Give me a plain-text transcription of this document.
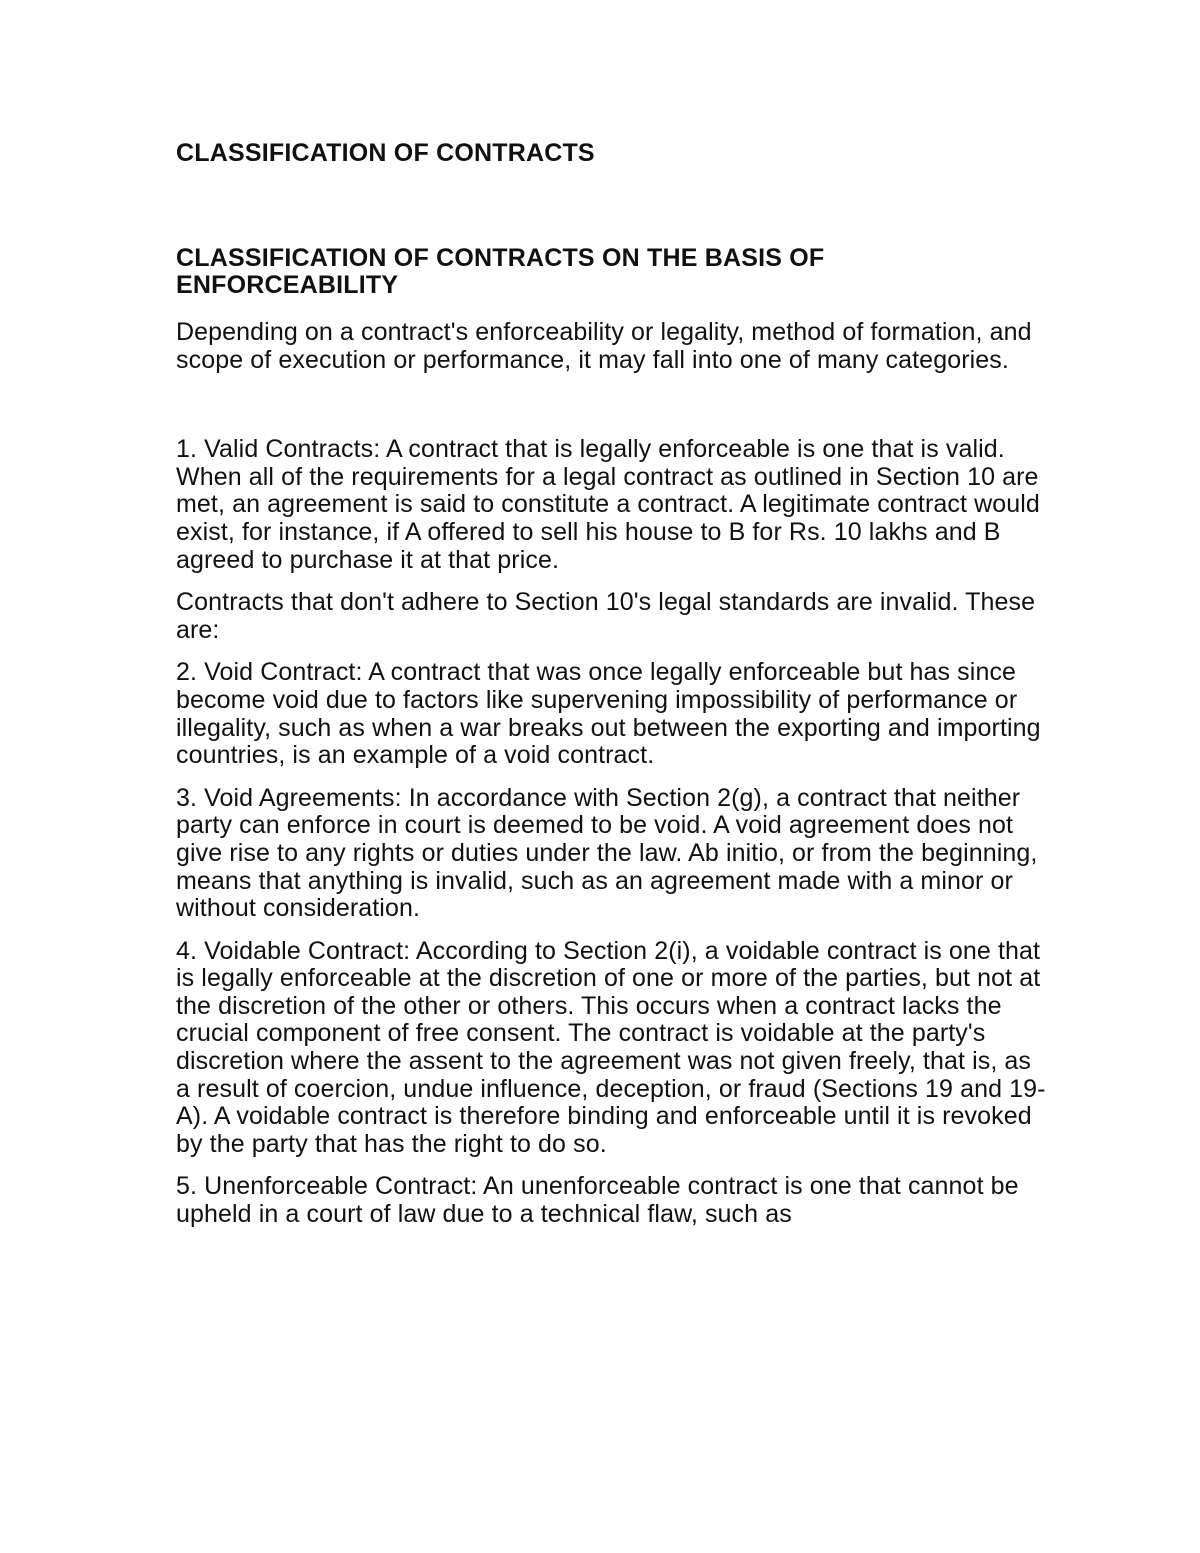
CLASSIFICATION OF CONTRACTS
CLASSIFICATION OF CONTRACTS ON THE BASIS OF ENFORCEABILITY

Depending on a contract's enforceability or legality, method of formation, and scope of execution or performance, it may fall into one of many categories.

1. Valid Contracts: A contract that is legally enforceable is one that is valid. When all of the requirements for a legal contract as outlined in Section 10 are met, an agreement is said to constitute a contract. A legitimate contract would exist, for instance, if A offered to sell his house to B for Rs. 10 lakhs and B agreed to purchase it at that price.

Contracts that don't adhere to Section 10's legal standards are invalid. These are:

2. Void Contract: A contract that was once legally enforceable but has since become void due to factors like supervening impossibility of performance or illegality, such as when a war breaks out between the exporting and importing countries, is an example of a void contract.

3. Void Agreements: In accordance with Section 2(g), a contract that neither party can enforce in court is deemed to be void. A void agreement does not give rise to any rights or duties under the law. Ab initio, or from the beginning, means that anything is invalid, such as an agreement made with a minor or without consideration.

4. Voidable Contract: According to Section 2(i), a voidable contract is one that is legally enforceable at the discretion of one or more of the parties, but not at the discretion of the other or others. This occurs when a contract lacks the crucial component of free consent. The contract is voidable at the party's discretion where the assent to the agreement was not given freely, that is, as a result of coercion, undue influence, deception, or fraud (Sections 19 and 19-A). A voidable contract is therefore binding and enforceable until it is revoked by the party that has the right to do so.

5. Unenforceable Contract: An unenforceable contract is one that cannot be upheld in a court of law due to a technical flaw, such as
